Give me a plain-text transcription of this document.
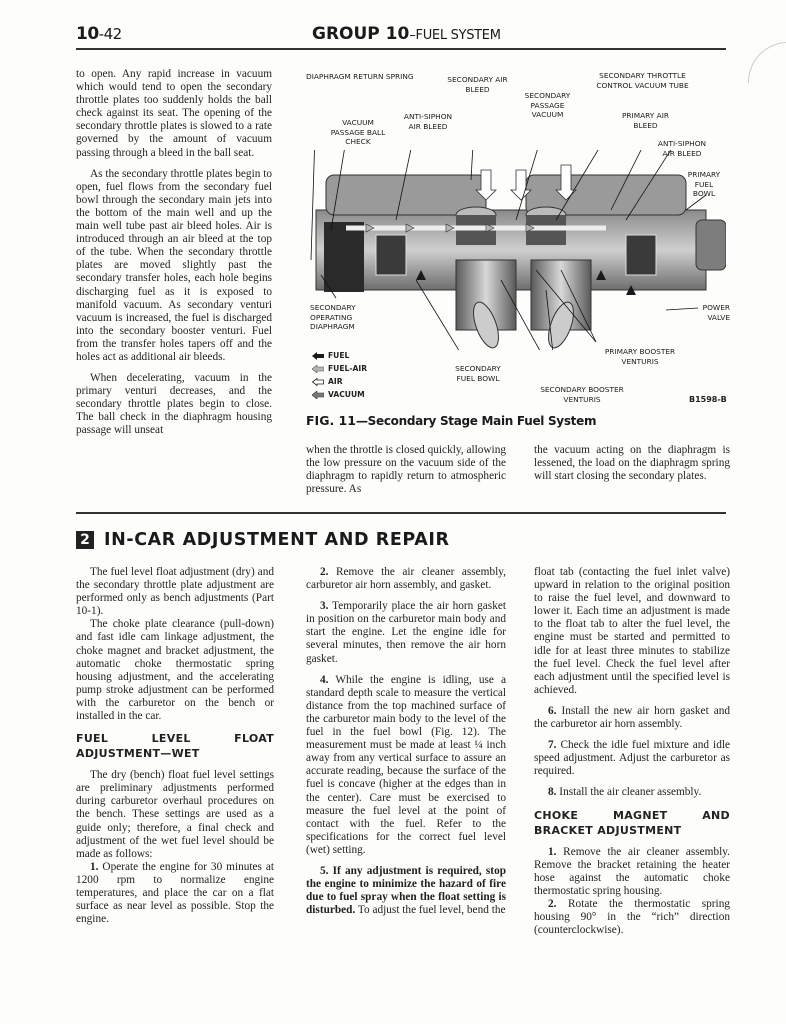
10-42	GROUP 10–FUEL SYSTEM

to open. Any rapid increase in vacuum which would tend to open the secondary throttle plates too suddenly holds the ball check against its seat. The opening of the secondary throttle plates is slowed to a rate governed by the amount of vacuum passing through a bleed in the ball seat.

As the secondary throttle plates begin to open, fuel flows from the secondary fuel bowl through the secondary main jets into the bottom of the main well and up the main well tube past air bleed holes. Air is introduced through an air bleed at the top of the tube. When the secondary throttle plates are moved slightly past the secondary transfer holes, each hole begins discharging fuel as it is exposed to manifold vacuum. As secondary venturi vacuum is increased, the fuel is discharged into the secondary booster venturi. Fuel from the transfer holes tapers off and the holes act as additional air bleeds.

When decelerating, vacuum in the primary venturi decreases, and the secondary throttle plates begin to close. The ball check in the diaphragm housing passage will unseat

DIAPHRAGM RETURN SPRING
VACUUM PASSAGE BALL CHECK
ANTI-SIPHON AIR BLEED
SECONDARY AIR BLEED
SECONDARY PASSAGE VACUUM
SECONDARY THROTTLE CONTROL VACUUM TUBE
PRIMARY AIR BLEED
ANTI-SIPHON AIR BLEED
PRIMARY FUEL BOWL
SECONDARY OPERATING DIAPHRAGM
POWER VALVE
PRIMARY BOOSTER VENTURIS
SECONDARY FUEL BOWL
SECONDARY BOOSTER VENTURIS
FUEL
FUEL-AIR
AIR
VACUUM
B1598-B
FIG. 11—Secondary Stage Main Fuel System

when the throttle is closed quickly, allowing the low pressure on the vacuum side of the diaphragm to rapidly return to atmospheric pressure. As

the vacuum acting on the diaphragm is lessened, the load on the diaphragm spring will start closing the secondary plates.

2 IN-CAR ADJUSTMENT AND REPAIR

The fuel level float adjustment (dry) and the secondary throttle plate adjustment are performed only as bench adjustments (Part 10-1).

The choke plate clearance (pull-down) and fast idle cam linkage adjustment, the choke magnet and bracket adjustment, the automatic choke thermostatic spring housing adjustment, and the accelerating pump stroke adjustment can be performed with the carburetor on the bench or installed in the car.

FUEL LEVEL FLOAT ADJUSTMENT—WET

The dry (bench) float fuel level settings are preliminary adjustments performed during carburetor overhaul procedures on the bench. These settings are used as a guide only; therefore, a final check and adjustment of the wet fuel level should be made as follows:

1. Operate the engine for 30 minutes at 1200 rpm to normalize engine temperatures, and place the car on a flat surface as near level as possible. Stop the engine.

2. Remove the air cleaner assembly, carburetor air horn assembly, and gasket.

3. Temporarily place the air horn gasket in position on the carburetor main body and start the engine. Let the engine idle for several minutes, then remove the air horn gasket.

4. While the engine is idling, use a standard depth scale to measure the vertical distance from the top machined surface of the carburetor main body to the level of the fuel in the fuel bowl (Fig. 12). The measurement must be made at least ¼ inch away from any vertical surface to assure an accurate reading, because the surface of the fuel is concave (higher at the edges than in the center). Care must be exercised to measure the fuel level at the point of contact with the fuel. Refer to the specifications for the correct fuel level (wet) setting.

5. If any adjustment is required, stop the engine to minimize the hazard of fire due to fuel spray when the float setting is disturbed. To adjust the fuel level, bend the

float tab (contacting the fuel inlet valve) upward in relation to the original position to raise the fuel level, and downward to lower it. Each time an adjustment is made to the float tab to alter the fuel level, the engine must be started and permitted to idle for at least three minutes to stabilize the fuel level. Check the fuel level after each adjustment until the specified level is achieved.

6. Install the new air horn gasket and the carburetor air horn assembly.

7. Check the idle fuel mixture and idle speed adjustment. Adjust the carburetor as required.

8. Install the air cleaner assembly.

CHOKE MAGNET AND BRACKET ADJUSTMENT

1. Remove the air cleaner assembly. Remove the bracket retaining the heater hose against the automatic choke thermostatic spring housing.

2. Rotate the thermostatic spring housing 90° in the “rich” direction (counterclockwise).
